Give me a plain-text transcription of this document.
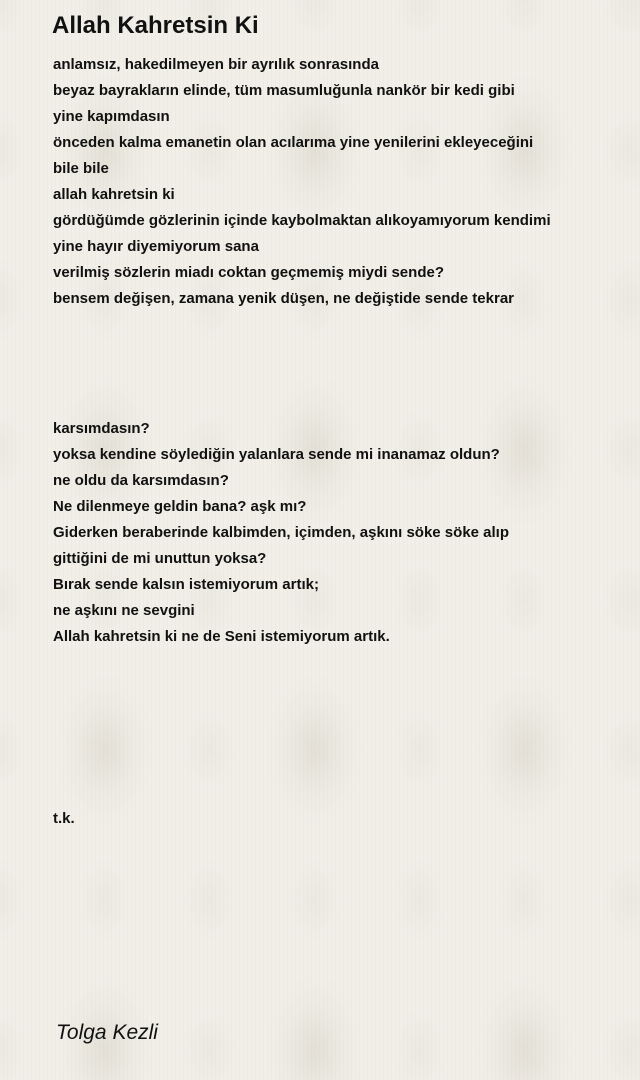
Allah Kahretsin Ki
anlamsız, hakedilmeyen bir ayrılık sonrasında
beyaz bayrakların elinde, tüm masumluğunla nankör bir kedi gibi
yine kapımdasın
önceden kalma emanetin olan acılarıma yine yenilerini ekleyeceğini
bile bile
allah kahretsin ki
gördüğümde gözlerinin içinde kaybolmaktan alıkoyamıyorum kendimi
yine hayır diyemiyorum sana
verilmiş sözlerin miadı coktan geçmemiş miydi sende?
bensem değişen, zamana yenik düşen, ne değiştide sende tekrar
karsımdasın?
yoksa kendine söylediğin yalanlara sende mi inanamaz oldun?
ne oldu da karsımdasın?
Ne dilenmeye geldin bana? aşk mı?
Giderken beraberinde kalbimden, içimden, aşkını söke söke alıp
gittiğini de mi unuttun yoksa?
Bırak sende kalsın istemiyorum artık;
ne aşkını ne sevgini
Allah kahretsin ki ne de Seni istemiyorum artık.
t.k.
Tolga Kezli
